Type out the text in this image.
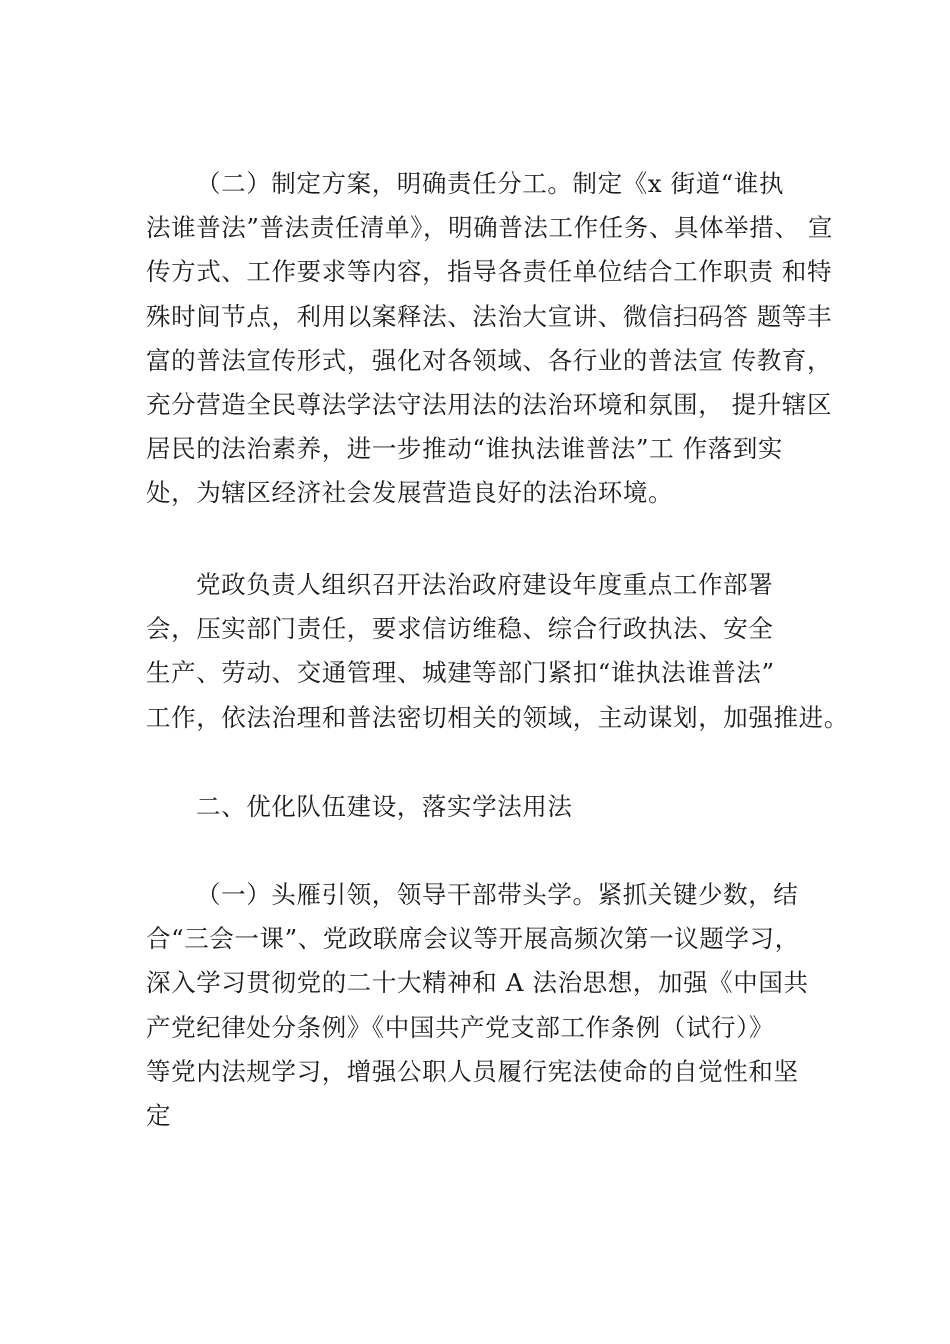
（二）制定方案，明确责任分工。制定《x 街道“谁执
法谁普法”普法责任清单》，明确普法工作任务、具体举措、 宣
传方式、工作要求等内容，指导各责任单位结合工作职责 和特
殊时间节点，利用以案释法、法治大宣讲、微信扫码答 题等丰
富的普法宣传形式，强化对各领域、各行业的普法宣 传教育，
充分营造全民尊法学法守法用法的法治环境和氛围， 提升辖区
居民的法治素养，进一步推动“谁执法谁普法”工 作落到实
处，为辖区经济社会发展营造良好的法治环境。

党政负责人组织召开法治政府建设年度重点工作部署
会，压实部门责任，要求信访维稳、综合行政执法、安全
生产、劳动、交通管理、城建等部门紧扣“谁执法谁普法”
工作，依法治理和普法密切相关的领域，主动谋划，加强推进。

二、优化队伍建设，落实学法用法

（一）头雁引领，领导干部带头学。紧抓关键少数，结
合“三会一课”、党政联席会议等开展高频次第一议题学习，
深入学习贯彻党的二十大精神和 A 法治思想，加强《中国共
产党纪律处分条例》《中国共产党支部工作条例（试行）》
等党内法规学习，增强公职人员履行宪法使命的自觉性和坚
定
